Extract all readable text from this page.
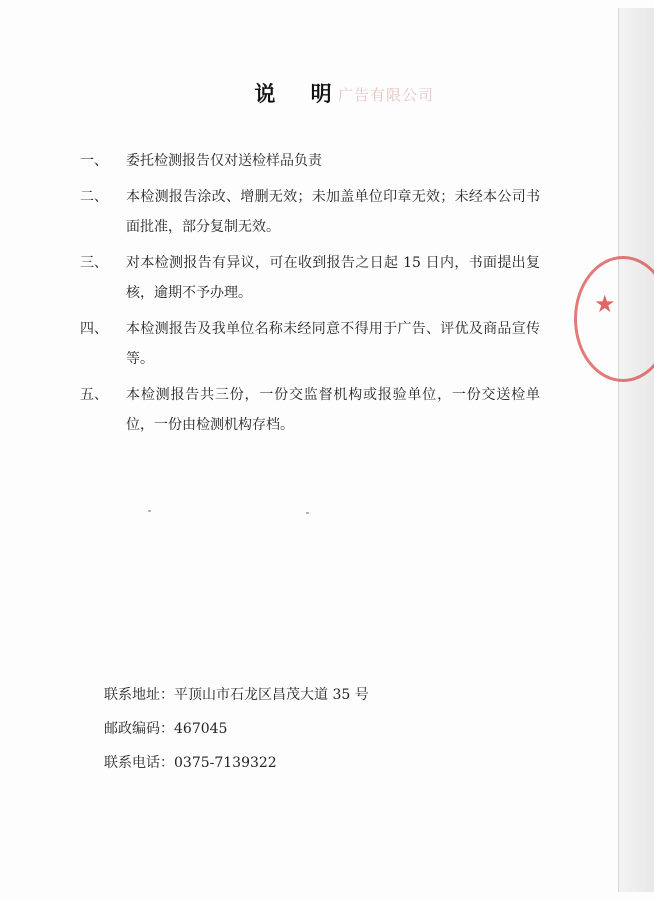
广告有限公司
说 明
一、	委托检测报告仅对送检样品负责
二、	本检测报告涂改、增删无效；未加盖单位印章无效；未经本公司书面批准，部分复制无效。
三、	对本检测报告有异议，可在收到报告之日起 15 日内，书面提出复核，逾期不予办理。
四、	本检测报告及我单位名称未经同意不得用于广告、评优及商品宣传等。
五、	本检测报告共三份，一份交监督机构或报验单位，一份交送检单位，一份由检测机构存档。
联系地址：平顶山市石龙区昌茂大道 35 号
邮政编码：467045
联系电话：0375-7139322
★
